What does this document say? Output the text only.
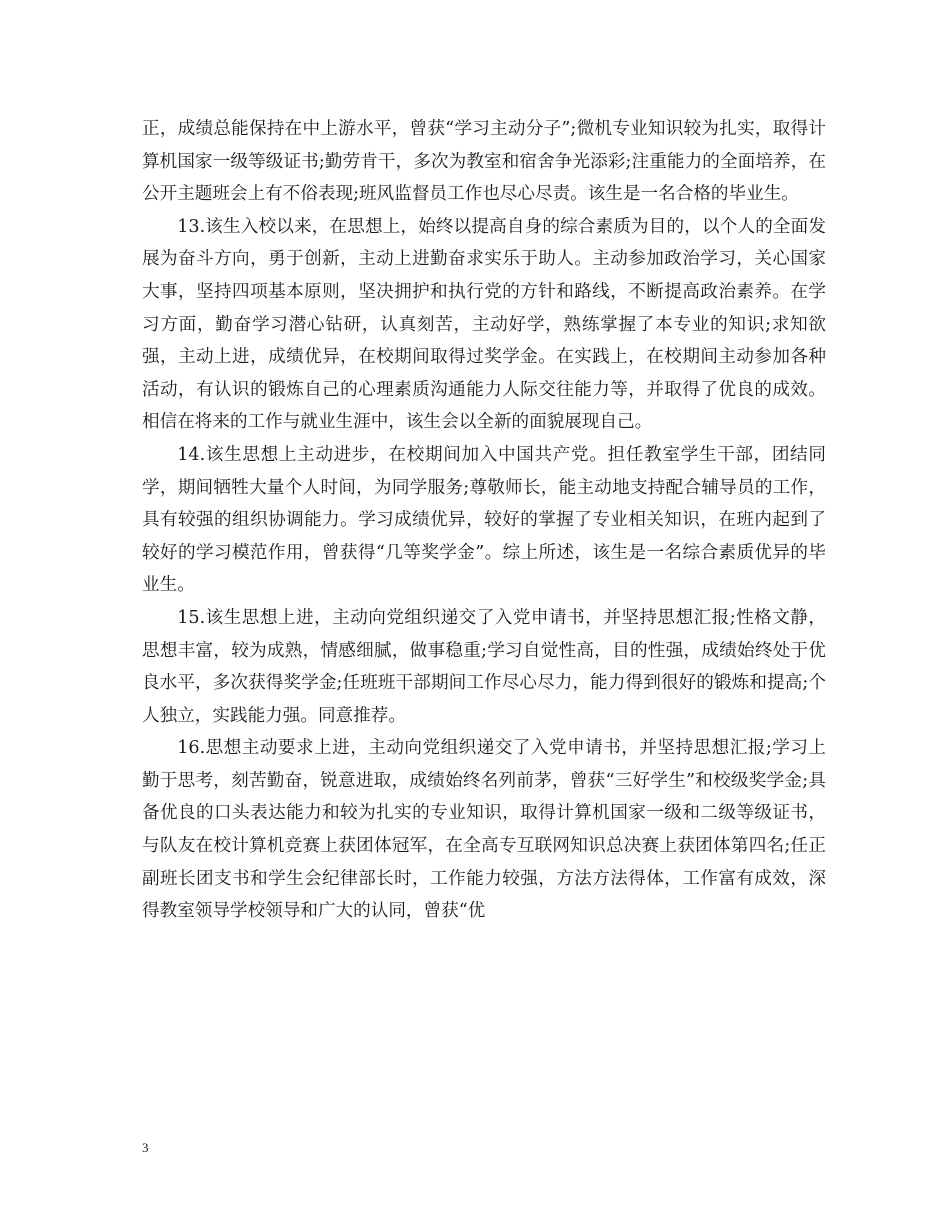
正，成绩总能保持在中上游水平，曾获“学习主动分子”;微机专业知识较为扎实，取得计算机国家一级等级证书;勤劳肯干，多次为教室和宿舍争光添彩;注重能力的全面培养，在公开主题班会上有不俗表现;班风监督员工作也尽心尽责。该生是一名合格的毕业生。

13.该生入校以来，在思想上，始终以提高自身的综合素质为目的，以个人的全面发展为奋斗方向，勇于创新，主动上进勤奋求实乐于助人。主动参加政治学习，关心国家大事，坚持四项基本原则，坚决拥护和执行党的方针和路线，不断提高政治素养。在学习方面，勤奋学习潜心钻研，认真刻苦，主动好学，熟练掌握了本专业的知识;求知欲强，主动上进，成绩优异，在校期间取得过奖学金。在实践上，在校期间主动参加各种活动，有认识的锻炼自己的心理素质沟通能力人际交往能力等，并取得了优良的成效。相信在将来的工作与就业生涯中，该生会以全新的面貌展现自己。

14.该生思想上主动进步，在校期间加入中国共产党。担任教室学生干部，团结同学，期间牺牲大量个人时间，为同学服务;尊敬师长，能主动地支持配合辅导员的工作，具有较强的组织协调能力。学习成绩优异，较好的掌握了专业相关知识，在班内起到了较好的学习模范作用，曾获得“几等奖学金”。综上所述，该生是一名综合素质优异的毕业生。

15.该生思想上进，主动向党组织递交了入党申请书，并坚持思想汇报;性格文静，思想丰富，较为成熟，情感细腻，做事稳重;学习自觉性高，目的性强，成绩始终处于优良水平，多次获得奖学金;任班班干部期间工作尽心尽力，能力得到很好的锻炼和提高;个人独立，实践能力强。同意推荐。

16.思想主动要求上进，主动向党组织递交了入党申请书，并坚持思想汇报;学习上勤于思考，刻苦勤奋，锐意进取，成绩始终名列前茅，曾获“三好学生”和校级奖学金;具备优良的口头表达能力和较为扎实的专业知识，取得计算机国家一级和二级等级证书，与队友在校计算机竞赛上获团体冠军，在全高专互联网知识总决赛上获团体第四名;任正副班长团支书和学生会纪律部长时，工作能力较强，方法方法得体，工作富有成效，深得教室领导学校领导和广大的认同，曾获“优

3
